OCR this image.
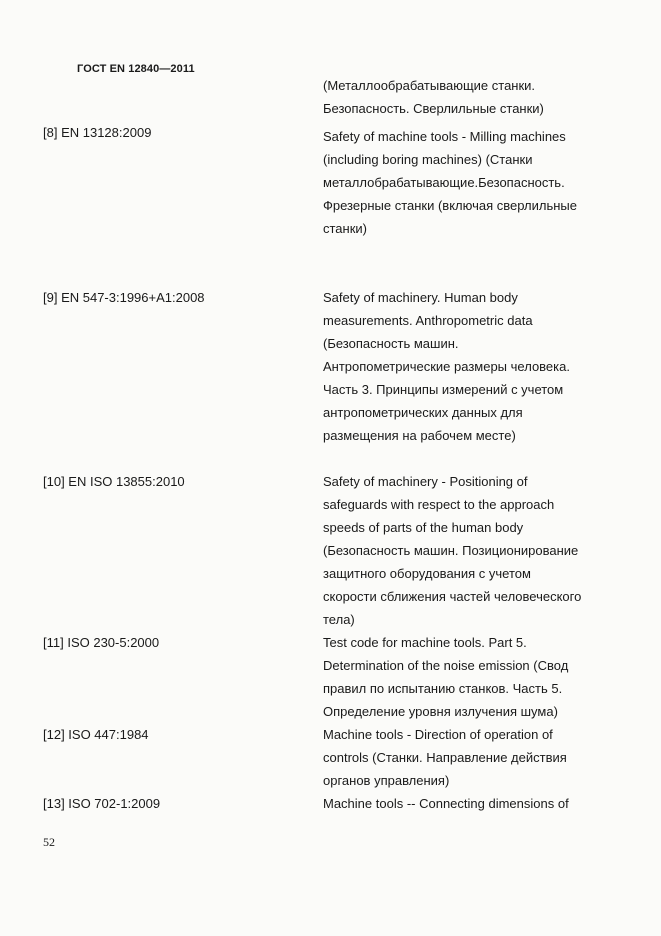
ГОСТ EN 12840—2011
(Металлообрабатывающие станки.
Безопасность. Сверлильные станки)
[8] EN 13128:2009	Safety of machine tools - Milling machines
(including boring machines) (Станки
металлобрабатывающие.Безопасность.
Фрезерные станки (включая сверлильные
станки)
[9] EN 547-3:1996+A1:2008	Safety of machinery. Human body
measurements. Anthropometric data
(Безопасность машин.
Антропометрические размеры человека.
Часть 3. Принципы измерений с учетом
антропометрических данных для
размещения на рабочем месте)
[10] EN ISO 13855:2010	Safety of machinery - Positioning of
safeguards with respect to the approach
speeds of parts of the human body
(Безопасность машин. Позиционирование
защитного оборудования с учетом
скорости сближения частей человеческого
тела)
[11] ISO 230-5:2000	Test code for machine tools. Part 5.
Determination of the noise emission (Свод
правил по испытанию станков. Часть 5.
Определение уровня излучения шума)
[12] ISO 447:1984	Machine tools - Direction of operation of
controls (Станки. Направление действия
органов управления)
[13] ISO 702-1:2009	Machine tools -- Connecting dimensions of
52
